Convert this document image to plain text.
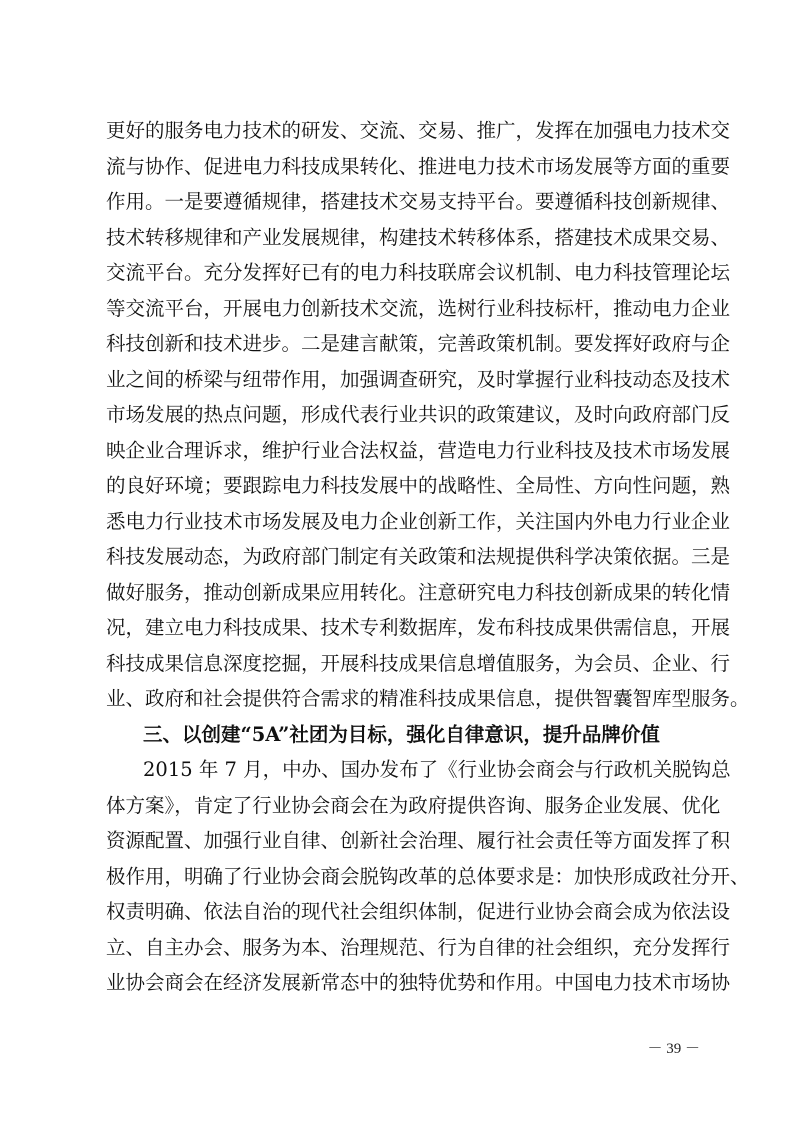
更好的服务电力技术的研发、交流、交易、推广，发挥在加强电力技术交
流与协作、促进电力科技成果转化、推进电力技术市场发展等方面的重要
作用。一是要遵循规律，搭建技术交易支持平台。要遵循科技创新规律、
技术转移规律和产业发展规律，构建技术转移体系，搭建技术成果交易、
交流平台。充分发挥好已有的电力科技联席会议机制、电力科技管理论坛
等交流平台，开展电力创新技术交流，选树行业科技标杆，推动电力企业
科技创新和技术进步。二是建言献策，完善政策机制。要发挥好政府与企
业之间的桥梁与纽带作用，加强调查研究，及时掌握行业科技动态及技术
市场发展的热点问题，形成代表行业共识的政策建议，及时向政府部门反
映企业合理诉求，维护行业合法权益，营造电力行业科技及技术市场发展
的良好环境；要跟踪电力科技发展中的战略性、全局性、方向性问题，熟
悉电力行业技术市场发展及电力企业创新工作，关注国内外电力行业企业
科技发展动态，为政府部门制定有关政策和法规提供科学决策依据。三是
做好服务，推动创新成果应用转化。注意研究电力科技创新成果的转化情
况，建立电力科技成果、技术专利数据库，发布科技成果供需信息，开展
科技成果信息深度挖掘，开展科技成果信息增值服务，为会员、企业、行
业、政府和社会提供符合需求的精准科技成果信息，提供智囊智库型服务。
三、以创建“5A”社团为目标，强化自律意识，提升品牌价值
2015 年 7 月，中办、国办发布了《行业协会商会与行政机关脱钩总
体方案》，肯定了行业协会商会在为政府提供咨询、服务企业发展、优化
资源配置、加强行业自律、创新社会治理、履行社会责任等方面发挥了积
极作用，明确了行业协会商会脱钩改革的总体要求是：加快形成政社分开、
权责明确、依法自治的现代社会组织体制，促进行业协会商会成为依法设
立、自主办会、服务为本、治理规范、行为自律的社会组织，充分发挥行
业协会商会在经济发展新常态中的独特优势和作用。中国电力技术市场协
－ 39 －
